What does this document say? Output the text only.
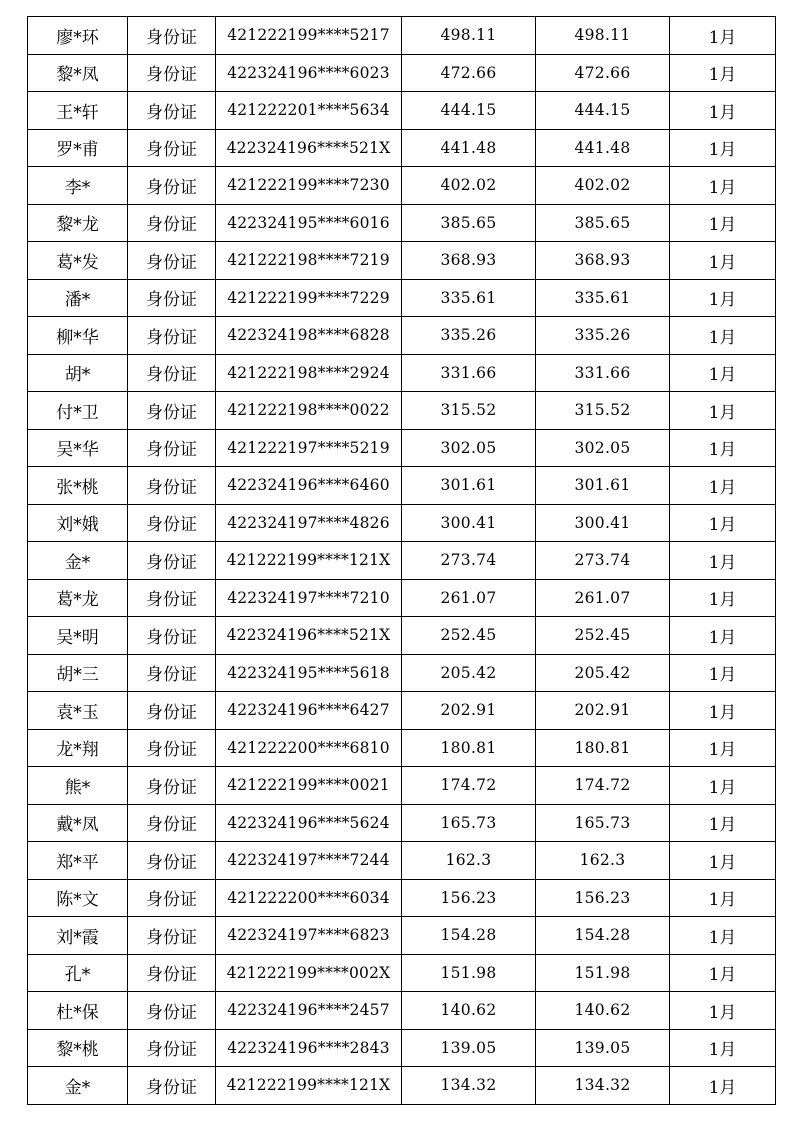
廖*环	身份证	421222199****5217	498.11	498.11	1月
黎*凤	身份证	422324196****6023	472.66	472.66	1月
王*轩	身份证	421222201****5634	444.15	444.15	1月
罗*甫	身份证	422324196****521X	441.48	441.48	1月
李*	身份证	421222199****7230	402.02	402.02	1月
黎*龙	身份证	422324195****6016	385.65	385.65	1月
葛*发	身份证	421222198****7219	368.93	368.93	1月
潘*	身份证	421222199****7229	335.61	335.61	1月
柳*华	身份证	422324198****6828	335.26	335.26	1月
胡*	身份证	421222198****2924	331.66	331.66	1月
付*卫	身份证	421222198****0022	315.52	315.52	1月
吴*华	身份证	421222197****5219	302.05	302.05	1月
张*桃	身份证	422324196****6460	301.61	301.61	1月
刘*娥	身份证	422324197****4826	300.41	300.41	1月
金*	身份证	421222199****121X	273.74	273.74	1月
葛*龙	身份证	422324197****7210	261.07	261.07	1月
吴*明	身份证	422324196****521X	252.45	252.45	1月
胡*三	身份证	422324195****5618	205.42	205.42	1月
袁*玉	身份证	422324196****6427	202.91	202.91	1月
龙*翔	身份证	421222200****6810	180.81	180.81	1月
熊*	身份证	421222199****0021	174.72	174.72	1月
戴*凤	身份证	422324196****5624	165.73	165.73	1月
郑*平	身份证	422324197****7244	162.3	162.3	1月
陈*文	身份证	421222200****6034	156.23	156.23	1月
刘*霞	身份证	422324197****6823	154.28	154.28	1月
孔*	身份证	421222199****002X	151.98	151.98	1月
杜*保	身份证	422324196****2457	140.62	140.62	1月
黎*桃	身份证	422324196****2843	139.05	139.05	1月
金*	身份证	421222199****121X	134.32	134.32	1月
